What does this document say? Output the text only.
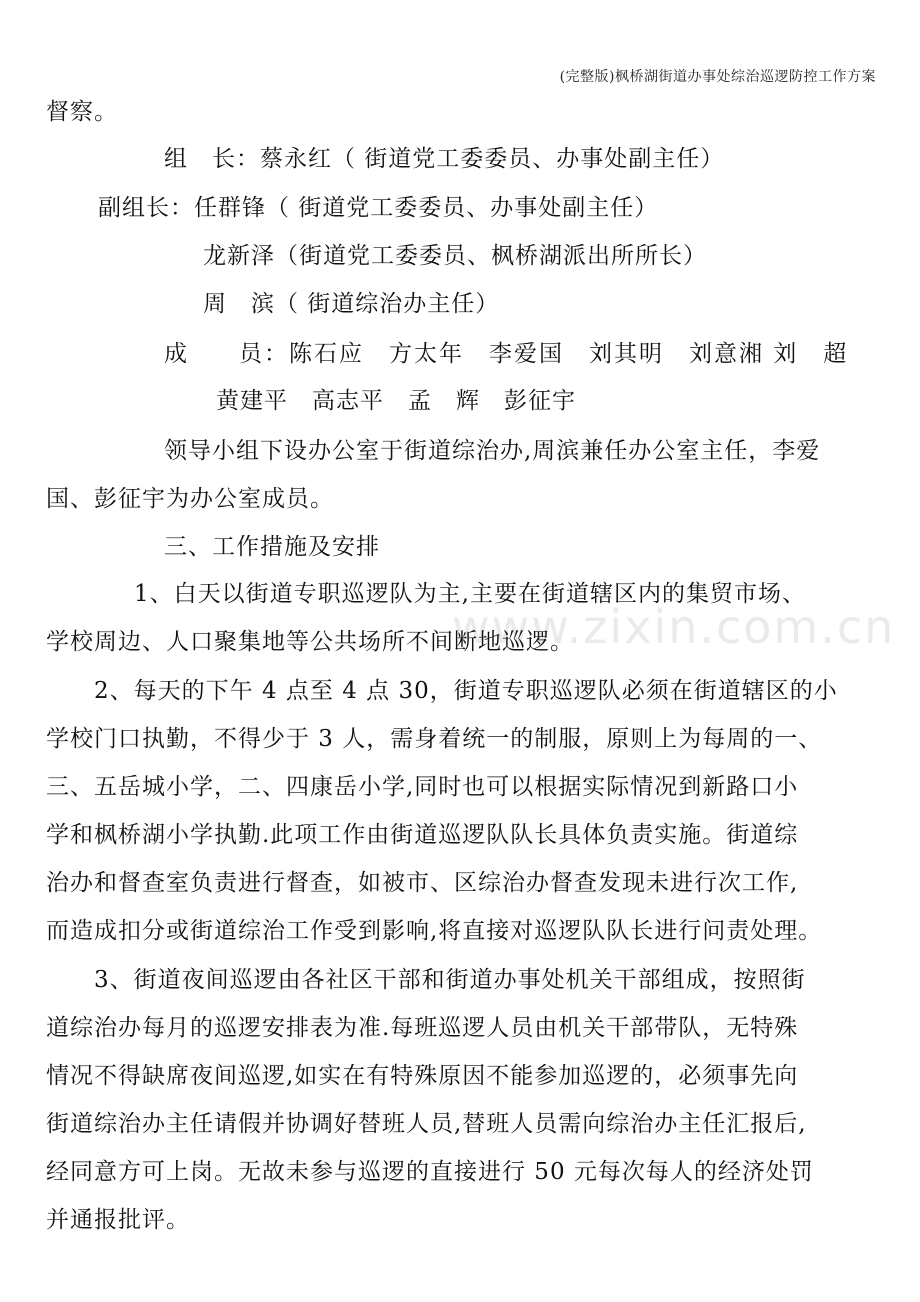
(完整版)枫桥湖街道办事处综治巡逻防控工作方案
www.zixin.com.cn
督察。
组　长：蔡永红（ 街道党工委委员、办事处副主任）
副组长：任群锋（ 街道党工委委员、办事处副主任）
龙新泽（街道党工委委员、枫桥湖派出所所长）
周　滨（ 街道综治办主任）
成　　员：陈石应　方太年　李爱国　刘其明　刘意湘 刘　超
黄建平　高志平　孟　辉　彭征宇
领导小组下设办公室于街道综治办,周滨兼任办公室主任，李爱
国、彭征宇为办公室成员。
三、工作措施及安排
1、白天以街道专职巡逻队为主,主要在街道辖区内的集贸市场、
学校周边、人口聚集地等公共场所不间断地巡逻。
2、每天的下午 4 点至 4 点 30，街道专职巡逻队必须在街道辖区的小
学校门口执勤，不得少于 3 人，需身着统一的制服，原则上为每周的一、
三、五岳城小学，二、四康岳小学,同时也可以根据实际情况到新路口小
学和枫桥湖小学执勤.此项工作由街道巡逻队队长具体负责实施。街道综
治办和督查室负责进行督查，如被市、区综治办督查发现未进行次工作,
而造成扣分或街道综治工作受到影响,将直接对巡逻队队长进行问责处理。
3、街道夜间巡逻由各社区干部和街道办事处机关干部组成，按照街
道综治办每月的巡逻安排表为准.每班巡逻人员由机关干部带队，无特殊
情况不得缺席夜间巡逻,如实在有特殊原因不能参加巡逻的，必须事先向
街道综治办主任请假并协调好替班人员,替班人员需向综治办主任汇报后,
经同意方可上岗。无故未参与巡逻的直接进行 50 元每次每人的经济处罚
并通报批评。
